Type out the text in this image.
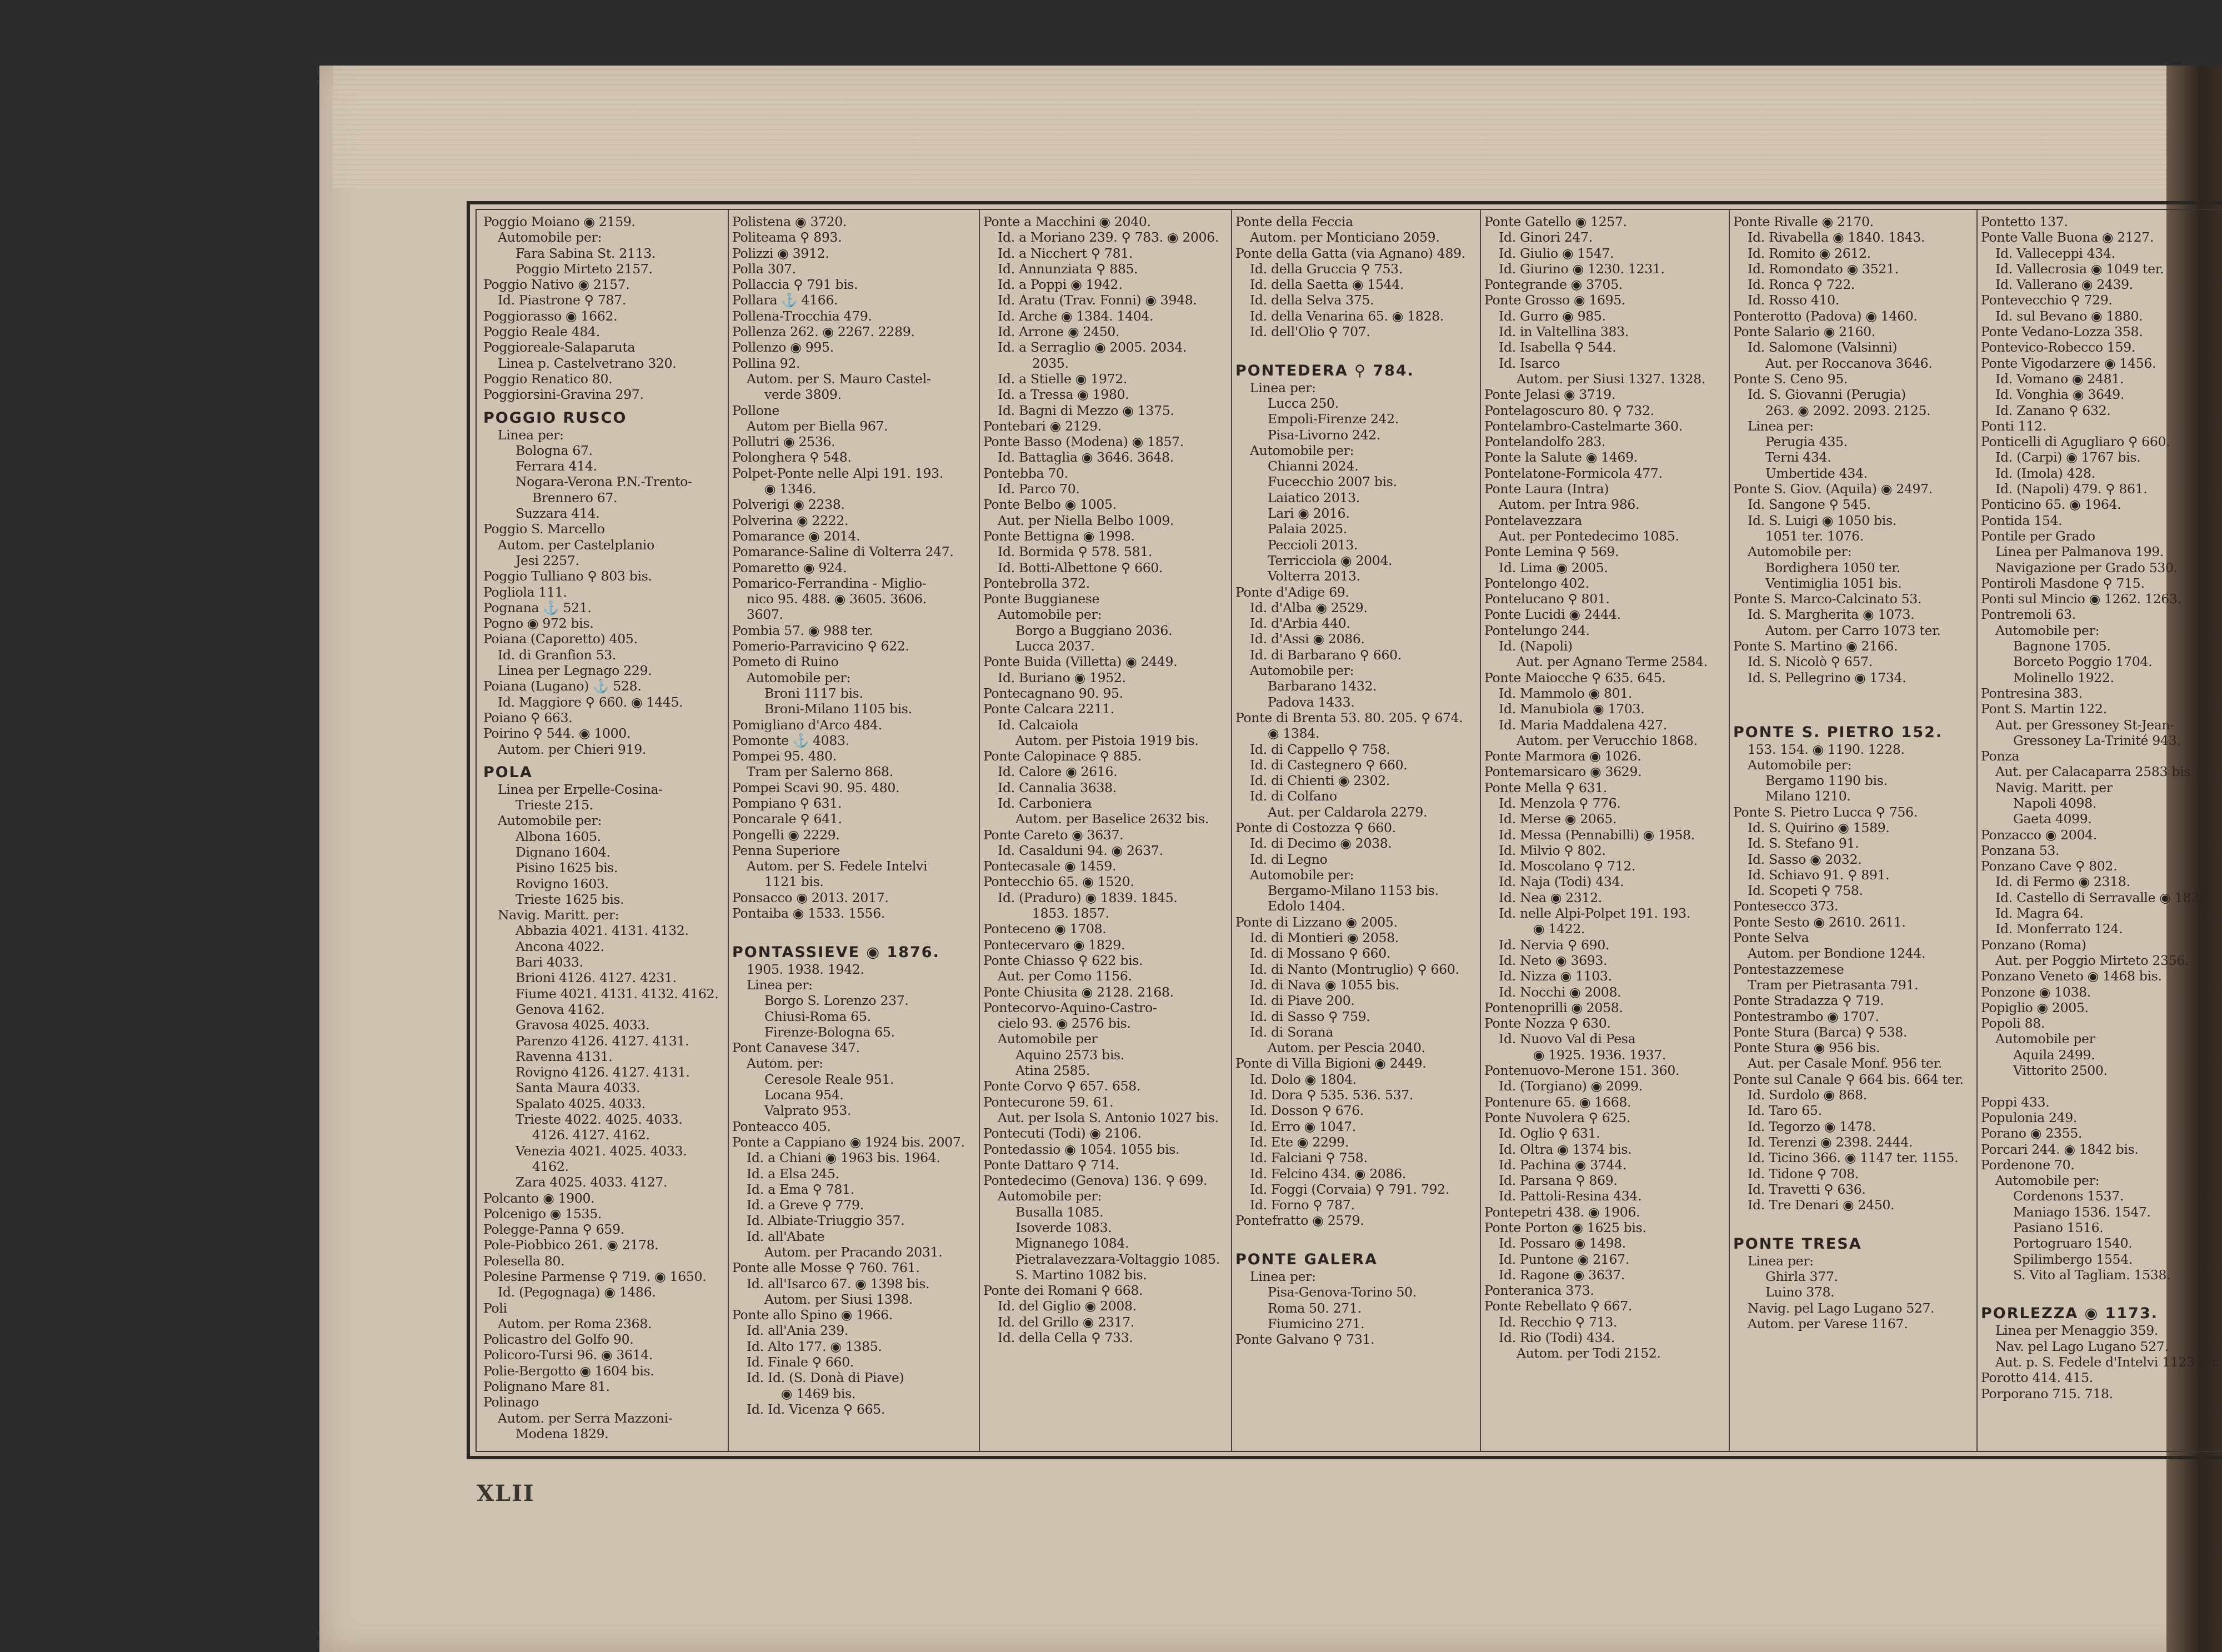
Poggio Moiano ◉ 2159.
Automobile per:
Fara Sabina St. 2113.
Poggio Mirteto 2157.
Poggio Nativo ◉ 2157.
Id. Piastrone ⚲ 787.
Poggiorasso ◉ 1662.
Poggio Reale 484.
Poggioreale-Salaparuta
Linea p. Castelvetrano 320.
Poggio Renatico 80.
Poggiorsini-Gravina 297.
POGGIO RUSCO
Linea per:
Bologna 67.
Ferrara 414.
Nogara-Verona P.N.-Trento-
Brennero 67.
Suzzara 414.
Poggio S. Marcello
Autom. per Castelplanio
Jesi 2257.
Poggio Tulliano ⚲ 803 bis.
Pogliola 111.
Pognana ⚓ 521.
Pogno ◉ 972 bis.
Poiana (Caporetto) 405.
Id. di Granfion 53.
Linea per Legnago 229.
Poiana (Lugano) ⚓ 528.
Id. Maggiore ⚲ 660. ◉ 1445.
Poiano ⚲ 663.
Poirino ⚲ 544. ◉ 1000.
Autom. per Chieri 919.
POLA
Linea per Erpelle-Cosina-
Trieste 215.
Automobile per:
Albona 1605.
Dignano 1604.
Pisino 1625 bis.
Rovigno 1603.
Trieste 1625 bis.
Navig. Maritt. per:
Abbazia 4021. 4131. 4132.
Ancona 4022.
Bari 4033.
Brioni 4126. 4127. 4231.
Fiume 4021. 4131. 4132. 4162.
Genova 4162.
Gravosa 4025. 4033.
Parenzo 4126. 4127. 4131.
Ravenna 4131.
Rovigno 4126. 4127. 4131.
Santa Maura 4033.
Spalato 4025. 4033.
Trieste 4022. 4025. 4033.
4126. 4127. 4162.
Venezia 4021. 4025. 4033.
4162.
Zara 4025. 4033. 4127.
Polcanto ◉ 1900.
Polcenigo ◉ 1535.
Polegge-Panna ⚲ 659.
Pole-Piobbico 261. ◉ 2178.
Polesella 80.
Polesine Parmense ⚲ 719. ◉ 1650.
Id. (Pegognaga) ◉ 1486.
Poli
Autom. per Roma 2368.
Policastro del Golfo 90.
Policoro-Tursi 96. ◉ 3614.
Polie-Bergotto ◉ 1604 bis.
Polignano Mare 81.
Polinago
Autom. per Serra Mazzoni-
Modena 1829.
Polistena ◉ 3720.
Politeama ⚲ 893.
Polizzi ◉ 3912.
Polla 307.
Pollaccia ⚲ 791 bis.
Pollara ⚓ 4166.
Pollena-Trocchia 479.
Pollenza 262. ◉ 2267. 2289.
Pollenzo ◉ 995.
Pollina 92.
Autom. per S. Mauro Castel-
verde 3809.
Pollone
Autom per Biella 967.
Pollutri ◉ 2536.
Polonghera ⚲ 548.
Polpet-Ponte nelle Alpi 191. 193.
◉ 1346.
Polverigi ◉ 2238.
Polverina ◉ 2222.
Pomarance ◉ 2014.
Pomarance-Saline di Volterra 247.
Pomaretto ◉ 924.
Pomarico-Ferrandina - Miglio-
nico 95. 488. ◉ 3605. 3606.
3607.
Pombia 57. ◉ 988 ter.
Pomerio-Parravicino ⚲ 622.
Pometo di Ruino
Automobile per:
Broni 1117 bis.
Broni-Milano 1105 bis.
Pomigliano d'Arco 484.
Pomonte ⚓ 4083.
Pompei 95. 480.
Tram per Salerno 868.
Pompei Scavi 90. 95. 480.
Pompiano ⚲ 631.
Poncarale ⚲ 641.
Pongelli ◉ 2229.
Penna Superiore
Autom. per S. Fedele Intelvi
1121 bis.
Ponsacco ◉ 2013. 2017.
Pontaiba ◉ 1533. 1556.

PONTASSIEVE ◉ 1876.
1905. 1938. 1942.
Linea per:
Borgo S. Lorenzo 237.
Chiusi-Roma 65.
Firenze-Bologna 65.
Pont Canavese 347.
Autom. per:
Ceresole Reale 951.
Locana 954.
Valprato 953.
Ponteacco 405.
Ponte a Cappiano ◉ 1924 bis. 2007.
Id. a Chiani ◉ 1963 bis. 1964.
Id. a Elsa 245.
Id. a Ema ⚲ 781.
Id. a Greve ⚲ 779.
Id. Albiate-Triuggio 357.
Id. all'Abate
Autom. per Pracando 2031.
Ponte alle Mosse ⚲ 760. 761.
Id. all'Isarco 67. ◉ 1398 bis.
Autom. per Siusi 1398.
Ponte allo Spino ◉ 1966.
Id. all'Ania 239.
Id. Alto 177. ◉ 1385.
Id. Finale ⚲ 660.
Id. Id. (S. Donà di Piave)
◉ 1469 bis.
Id. Id. Vicenza ⚲ 665.
Ponte a Macchini ◉ 2040.
Id. a Moriano 239. ⚲ 783. ◉ 2006.
Id. a Nicchert ⚲ 781.
Id. Annunziata ⚲ 885.
Id. a Poppi ◉ 1942.
Id. Aratu (Trav. Fonni) ◉ 3948.
Id. Arche ◉ 1384. 1404.
Id. Arrone ◉ 2450.
Id. a Serraglio ◉ 2005. 2034.
2035.
Id. a Stielle ◉ 1972.
Id. a Tressa ◉ 1980.
Id. Bagni di Mezzo ◉ 1375.
Pontebari ◉ 2129.
Ponte Basso (Modena) ◉ 1857.
Id. Battaglia ◉ 3646. 3648.
Pontebba 70.
Id. Parco 70.
Ponte Belbo ◉ 1005.
Aut. per Niella Belbo 1009.
Ponte Bettigna ◉ 1998.
Id. Bormida ⚲ 578. 581.
Id. Botti-Albettone ⚲ 660.
Pontebrolla 372.
Ponte Buggianese
Automobile per:
Borgo a Buggiano 2036.
Lucca 2037.
Ponte Buida (Villetta) ◉ 2449.
Id. Buriano ◉ 1952.
Pontecagnano 90. 95.
Ponte Calcara 2211.
Id. Calcaiola
Autom. per Pistoia 1919 bis.
Ponte Calopinace ⚲ 885.
Id. Calore ◉ 2616.
Id. Cannalia 3638.
Id. Carboniera
Autom. per Baselice 2632 bis.
Ponte Careto ◉ 3637.
Id. Casalduni 94. ◉ 2637.
Pontecasale ◉ 1459.
Pontecchio 65. ◉ 1520.
Id. (Pradurо) ◉ 1839. 1845.
1853. 1857.
Ponteceno ◉ 1708.
Pontecervaro ◉ 1829.
Ponte Chiasso ⚲ 622 bis.
Aut. per Como 1156.
Ponte Chiusita ◉ 2128. 2168.
Pontecorvo-Aquino-Castro-
cielo 93. ◉ 2576 bis.
Automobile per
Aquino 2573 bis.
Atina 2585.
Ponte Corvo ⚲ 657. 658.
Pontecurone 59. 61.
Aut. per Isola S. Antonio 1027 bis.
Pontecuti (Todi) ◉ 2106.
Pontedassio ◉ 1054. 1055 bis.
Ponte Dattaro ⚲ 714.
Pontedecimo (Genova) 136. ⚲ 699.
Automobile per:
Busalla 1085.
Isoverde 1083.
Mignanego 1084.
Pietralavezzara-Voltaggio 1085.
S. Martino 1082 bis.
Ponte dei Romani ⚲ 668.
Id. del Giglio ◉ 2008.
Id. del Grillo ◉ 2317.
Id. della Cella ⚲ 733.
Ponte della Feccia
Autom. per Monticiano 2059.
Ponte della Gatta (via Agnano) 489.
Id. della Gruccia ⚲ 753.
Id. della Saetta ◉ 1544.
Id. della Selva 375.
Id. della Venarina 65. ◉ 1828.
Id. dell'Olio ⚲ 707.

PONTEDERA ⚲ 784.
Linea per:
Lucca 250.
Empoli-Firenze 242.
Pisa-Livorno 242.
Automobile per:
Chianni 2024.
Fucecchio 2007 bis.
Laiatico 2013.
Lari ◉ 2016.
Palaia 2025.
Peccioli 2013.
Terricciola ◉ 2004.
Volterra 2013.
Ponte d'Adige 69.
Id. d'Alba ◉ 2529.
Id. d'Arbia 440.
Id. d'Assi ◉ 2086.
Id. di Barbarano ⚲ 660.
Automobile per:
Barbarano 1432.
Padova 1433.
Ponte di Brenta 53. 80. 205. ⚲ 674.
◉ 1384.
Id. di Cappello ⚲ 758.
Id. di Castegnero ⚲ 660.
Id. di Chienti ◉ 2302.
Id. di Colfano
Aut. per Caldarola 2279.
Ponte di Costozza ⚲ 660.
Id. di Decimo ◉ 2038.
Id. di Legno
Automobile per:
Bergamo-Milano 1153 bis.
Edolo 1404.
Ponte di Lizzano ◉ 2005.
Id. di Montieri ◉ 2058.
Id. di Mossano ⚲ 660.
Id. di Nanto (Montruglio) ⚲ 660.
Id. di Nava ◉ 1055 bis.
Id. di Piave 200.
Id. di Sasso ⚲ 759.
Id. di Sorana
Autom. per Pescia 2040.
Ponte di Villa Bigioni ◉ 2449.
Id. Dolo ◉ 1804.
Id. Dora ⚲ 535. 536. 537.
Id. Dosson ⚲ 676.
Id. Erro ◉ 1047.
Id. Ete ◉ 2299.
Id. Falciani ⚲ 758.
Id. Felcino 434. ◉ 2086.
Id. Foggi (Corvaia) ⚲ 791. 792.
Id. Forno ⚲ 787.
Pontefratto ◉ 2579.

PONTE GALERA
Linea per:
Pisa-Genova-Torino 50.
Roma 50. 271.
Fiumicino 271.
Ponte Galvano ⚲ 731.
Ponte Gatello ◉ 1257.
Id. Ginori 247.
Id. Giulio ◉ 1547.
Id. Giurino ◉ 1230. 1231.
Pontegrande ◉ 3705.
Ponte Grosso ◉ 1695.
Id. Gurro ◉ 985.
Id. in Valtellina 383.
Id. Isabella ⚲ 544.
Id. Isarco
Autom. per Siusi 1327. 1328.
Ponte Jelasi ◉ 3719.
Pontelagoscuro 80. ⚲ 732.
Pontelambro-Castelmarte 360.
Pontelandolfo 283.
Ponte la Salute ◉ 1469.
Pontelatone-Formicola 477.
Ponte Laura (Intra)
Autom. per Intra 986.
Pontelavezzara
Aut. per Pontedecimo 1085.
Ponte Lemina ⚲ 569.
Id. Lima ◉ 2005.
Pontelongo 402.
Pontelucano ⚲ 801.
Ponte Lucidi ◉ 2444.
Pontelungo 244.
Id. (Napoli)
Aut. per Agnano Terme 2584.
Ponte Maiocche ⚲ 635. 645.
Id. Mammolo ◉ 801.
Id. Manubiola ◉ 1703.
Id. Maria Maddalena 427.
Autom. per Verucchio 1868.
Ponte Marmora ◉ 1026.
Pontemarsicaro ◉ 3629.
Ponte Mella ⚲ 631.
Id. Menzola ⚲ 776.
Id. Merse ◉ 2065.
Id. Messa (Pennabilli) ◉ 1958.
Id. Milvio ⚲ 802.
Id. Moscolano ⚲ 712.
Id. Naja (Todi) 434.
Id. Nea ◉ 2312.
Id. nelle Alpi-Polpet 191. 193.
◉ 1422.
Id. Nervia ⚲ 690.
Id. Neto ◉ 3693.
Id. Nizza ◉ 1103.
Id. Nocchi ◉ 2008.
Ponteno̲prilli ◉ 2058.
Ponte Nozza ⚲ 630.
Id. Nuovo Val di Pesa
◉ 1925. 1936. 1937.
Pontenuovo-Merone 151. 360.
Id. (Torgiano) ◉ 2099.
Pontenure 65. ◉ 1668.
Ponte Nuvolera ⚲ 625.
Id. Oglio ⚲ 631.
Id. Oltra ◉ 1374 bis.
Id. Pachina ◉ 3744.
Id. Parsana ⚲ 869.
Id. Pattoli-Resina 434.
Pontepetri 438. ◉ 1906.
Ponte Porton ◉ 1625 bis.
Id. Possaro ◉ 1498.
Id. Puntone ◉ 2167.
Id. Ragone ◉ 3637.
Ponteranica 373.
Ponte Rebellato ⚲ 667.
Id. Recchio ⚲ 713.
Id. Rio (Todi) 434.
Autom. per Todi 2152.
Ponte Rivalle ◉ 2170.
Id. Rivabella ◉ 1840. 1843.
Id. Romito ◉ 2612.
Id. Romondato ◉ 3521.
Id. Ronca ⚲ 722.
Id. Rosso 410.
Ponterotto (Padova) ◉ 1460.
Ponte Salario ◉ 2160.
Id. Salomone (Valsinni)
Aut. per Roccanova 3646.
Ponte S. Ceno 95.
Id. S. Giovanni (Perugia)
263. ◉ 2092. 2093. 2125.
Linea per:
Perugia 435.
Terni 434.
Umbertide 434.
Ponte S. Giov. (Aquila) ◉ 2497.
Id. Sangone ⚲ 545.
Id. S. Luigi ◉ 1050 bis.
1051 ter. 1076.
Automobile per:
Bordighera 1050 ter.
Ventimiglia 1051 bis.
Ponte S. Marco-Calcinato 53.
Id. S. Margherita ◉ 1073.
Autom. per Carro 1073 ter.
Ponte S. Martino ◉ 2166.
Id. S. Nicolò ⚲ 657.
Id. S. Pellegrino ◉ 1734.

PONTE S. PIETRO 152.
153. 154. ◉ 1190. 1228.
Automobile per:
Bergamo 1190 bis.
Milano 1210.
Ponte S. Pietro Lucca ⚲ 756.
Id. S. Quirino ◉ 1589.
Id. S. Stefano 91.
Id. Sasso ◉ 2032.
Id. Schiavo 91. ⚲ 891.
Id. Scopeti ⚲ 758.
Pontesecco 373.
Ponte Sesto ◉ 2610. 2611.
Ponte Selva
Autom. per Bondione 1244.
Pontestazzemese
Tram per Pietrasanta 791.
Ponte Stradazza ⚲ 719.
Pontestrambo ◉ 1707.
Ponte Stura (Barca) ⚲ 538.
Ponte Stura ◉ 956 bis.
Aut. per Casale Monf. 956 ter.
Ponte sul Canale ⚲ 664 bis. 664 ter.
Id. Surdolo ◉ 868.
Id. Taro 65.
Id. Tegorzo ◉ 1478.
Id. Terenzi ◉ 2398. 2444.
Id. Ticino 366. ◉ 1147 ter. 1155.
Id. Tidone ⚲ 708.
Id. Travetti ⚲ 636.
Id. Tre Denari ◉ 2450.

PONTE TRESA
Linea per:
Ghirla 377.
Luino 378.
Navig. pel Lago Lugano 527.
Autom. per Varese 1167.
Pontetto 137.
Ponte Valle Buona ◉ 2127.
Id. Valleceppi 434.
Id. Vallecrosia ◉ 1049 ter.
Id. Vallerano ◉ 2439.
Pontevecchio ⚲ 729.
Id. sul Bevano ◉ 1880.
Ponte Vedano-Lozza 358.
Pontevico-Robecco 159.
Ponte Vigodarzere ◉ 1456.
Id. Vomano ◉ 2481.
Id. Vonghia ◉ 3649.
Id. Zanano ⚲ 632.
Ponti 112.
Ponticelli di Agugliaro ⚲ 660.
Id. (Carpi) ◉ 1767 bis.
Id. (Imola) 428.
Id. (Napoli) 479. ⚲ 861.
Ponticino 65. ◉ 1964.
Pontida 154.
Pontile per Grado
Linea per Palmanova 199.
Navigazione per Grado 530.
Pontiroli Masdone ⚲ 715.
Ponti sul Mincio ◉ 1262. 1263.
Pontremoli 63.
Automobile per:
Bagnone 1705.
Borceto Poggio 1704.
Molinello 1922.
Pontresina 383.
Pont S. Martin 122.
Aut. per Gressoney St-Jean-
Gressoney La-Trinité 943.
Ponza
Aut. per Calacaparra 2583 bis.
Navig. Maritt. per
Napoli 4098.
Gaeta 4099.
Ponzacco ◉ 2004.
Ponzana 53.
Ponzano Cave ⚲ 802.
Id. di Fermo ◉ 2318.
Id. Castello di Serravalle ◉ 1831.
Id. Magra 64.
Id. Monferrato 124.
Ponzano (Roma)
Aut. per Poggio Mirteto 2356.
Ponzano Veneto ◉ 1468 bis.
Ponzone ◉ 1038.
Popiglio ◉ 2005.
Popoli 88.
Automobile per
Aquila 2499.
Vittorito 2500.

Poppi 433.
Populonia 249.
Porano ◉ 2355.
Porcari 244. ◉ 1842 bis.
Pordenone 70.
Automobile per:
Cordenons 1537.
Maniago 1536. 1547.
Pasiano 1516.
Portogruaro 1540.
Spilimbergo 1554.
S. Vito al Tagliam. 1538.

PORLEZZA ◉ 1173.
Linea per Menaggio 359.
Nav. pel Lago Lugano 527.
Aut. p. S. Fedele d'Intelvi 1123 ter.
Porotto 414. 415.
Porporano 715. 718.
XLII
